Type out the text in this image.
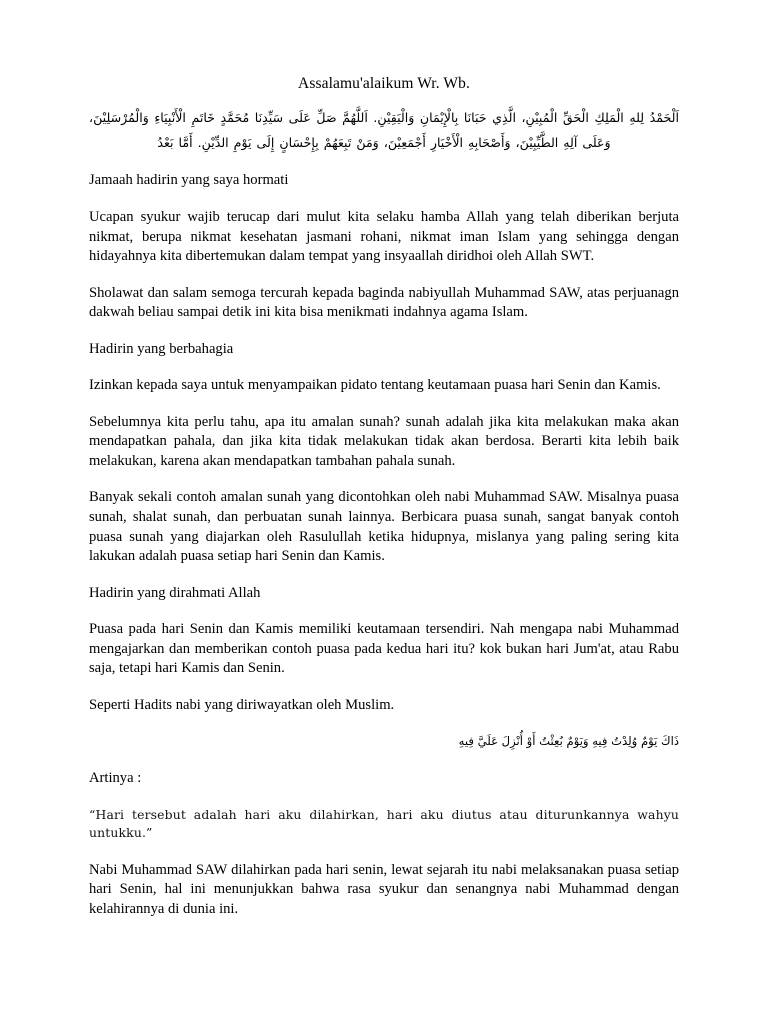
Assalamu'alaikum Wr. Wb.
اَلْحَمْدُ لِلهِ الْمَلِكِ الْحَقِّ الْمُبِيْنِ، الَّذِي حَبَانَا بِالْإِيْمَانِ وَالْيَقِيْنِ. اَللَّهُمَّ صَلِّ عَلَى سَيِّدِنَا مُحَمَّدٍ خَاتَمِ الْأَنْبِيَاءِ وَالْمُرْسَلِيْنَ، وَعَلَى آلِهِ الطَّيِّبِيْنَ، وَأَصْحَابِهِ الْأَخْيَارِ أَجْمَعِيْنَ، وَمَنْ تَبِعَهُمْ بِإِحْسَانٍ إِلَى يَوْمِ الدِّيْنِ. أَمَّا بَعْدُ

Jamaah hadirin yang saya hormati

Ucapan syukur wajib terucap dari mulut kita selaku hamba Allah yang telah diberikan berjuta nikmat, berupa nikmat kesehatan jasmani rohani, nikmat iman Islam yang sehingga dengan hidayahnya kita dibertemukan dalam tempat yang insyaallah diridhoi oleh Allah SWT.

Sholawat dan salam semoga tercurah kepada baginda nabiyullah Muhammad SAW, atas perjuanagn dakwah beliau sampai detik ini kita bisa menikmati indahnya agama Islam.

Hadirin yang berbahagia

Izinkan kepada saya untuk menyampaikan pidato tentang keutamaan puasa hari Senin dan Kamis.

Sebelumnya kita perlu tahu, apa itu amalan sunah? sunah adalah jika kita melakukan maka akan mendapatkan pahala, dan jika kita tidak melakukan tidak akan berdosa. Berarti kita lebih baik melakukan, karena akan mendapatkan tambahan pahala sunah.

Banyak sekali contoh amalan sunah yang dicontohkan oleh nabi Muhammad SAW. Misalnya puasa sunah, shalat sunah, dan perbuatan sunah lainnya. Berbicara puasa sunah, sangat banyak contoh puasa sunah yang diajarkan oleh Rasulullah ketika hidupnya, mislanya yang paling sering kita lakukan adalah puasa setiap hari Senin dan Kamis.

Hadirin yang dirahmati Allah

Puasa pada hari Senin dan Kamis memiliki keutamaan tersendiri. Nah mengapa nabi Muhammad mengajarkan dan memberikan contoh puasa pada kedua hari itu? kok bukan hari Jum'at, atau Rabu saja, tetapi hari Kamis dan Senin.

Seperti Hadits nabi yang diriwayatkan oleh Muslim.

ذَاكَ يَوْمٌ وُلِدْتُ فِيهِ وَيَوْمٌ بُعِثْتُ أَوْ أُنْزِلَ عَلَيَّ فِيهِ

Artinya :

“Hari tersebut adalah hari aku dilahirkan, hari aku diutus atau diturunkannya wahyu untukku.”

Nabi Muhammad SAW dilahirkan pada hari senin, lewat sejarah itu nabi melaksanakan puasa setiap hari Senin, hal ini menunjukkan bahwa rasa syukur dan senangnya nabi Muhammad dengan kelahirannya di dunia ini.
